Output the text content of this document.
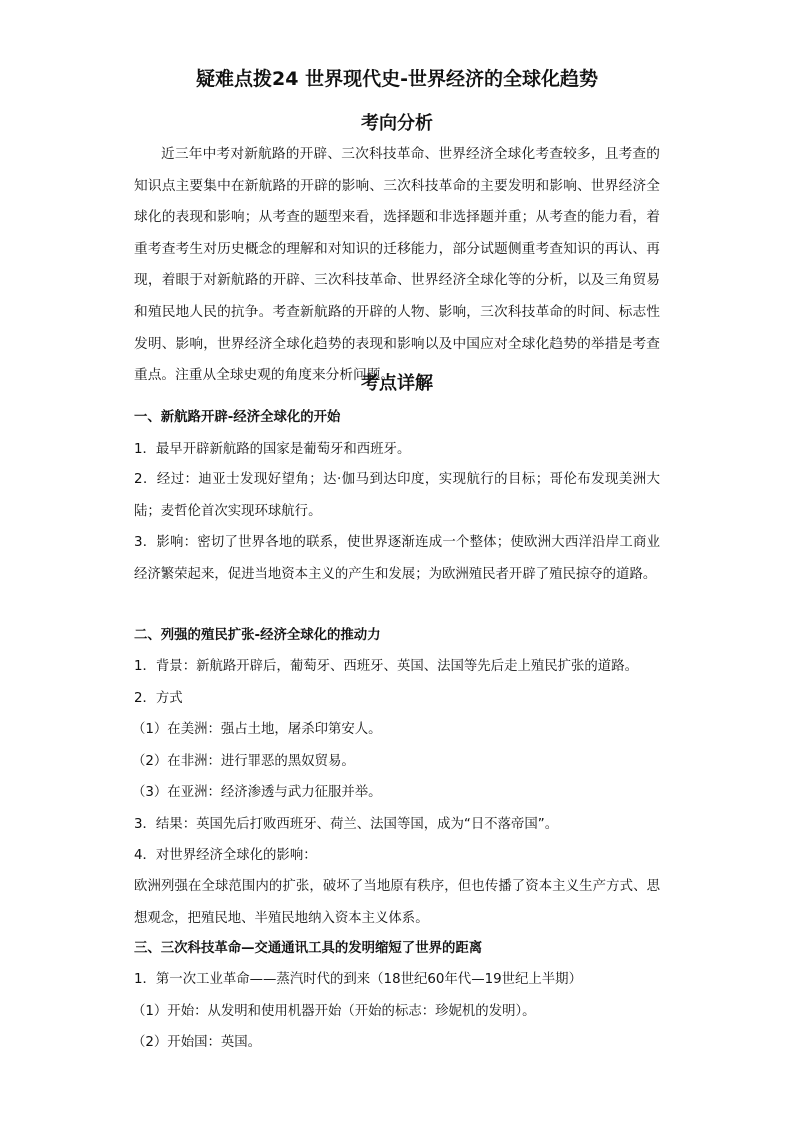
疑难点拨24 世界现代史-世界经济的全球化趋势
考向分析

近三年中考对新航路的开辟、三次科技革命、世界经济全球化考查较多，且考查的知识点主要集中在新航路的开辟的影响、三次科技革命的主要发明和影响、世界经济全球化的表现和影响；从考查的题型来看，选择题和非选择题并重；从考查的能力看，着重考查考生对历史概念的理解和对知识的迁移能力，部分试题侧重考查知识的再认、再现，着眼于对新航路的开辟、三次科技革命、世界经济全球化等的分析，以及三角贸易和殖民地人民的抗争。考查新航路的开辟的人物、影响，三次科技革命的时间、标志性发明、影响，世界经济全球化趋势的表现和影响以及中国应对全球化趋势的举措是考查重点。注重从全球史观的角度来分析问题。

考点详解

一、新航路开辟-经济全球化的开始

1．最早开辟新航路的国家是葡萄牙和西班牙。

2．经过：迪亚士发现好望角；达·伽马到达印度，实现航行的目标；哥伦布发现美洲大陆；麦哲伦首次实现环球航行。

3．影响：密切了世界各地的联系，使世界逐渐连成一个整体；使欧洲大西洋沿岸工商业经济繁荣起来，促进当地资本主义的产生和发展；为欧洲殖民者开辟了殖民掠夺的道路。

二、列强的殖民扩张-经济全球化的推动力

1．背景：新航路开辟后，葡萄牙、西班牙、英国、法国等先后走上殖民扩张的道路。

2．方式

（1）在美洲：强占土地，屠杀印第安人。

（2）在非洲：进行罪恶的黑奴贸易。

（3）在亚洲：经济渗透与武力征服并举。

3．结果：英国先后打败西班牙、荷兰、法国等国，成为“日不落帝国”。

4．对世界经济全球化的影响：

欧洲列强在全球范围内的扩张，破坏了当地原有秩序，但也传播了资本主义生产方式、思想观念，把殖民地、半殖民地纳入资本主义体系。

三、三次科技革命—交通通讯工具的发明缩短了世界的距离

1．第一次工业革命——蒸汽时代的到来（18世纪60年代—19世纪上半期）

（1）开始：从发明和使用机器开始（开始的标志：珍妮机的发明）。

（2）开始国：英国。
